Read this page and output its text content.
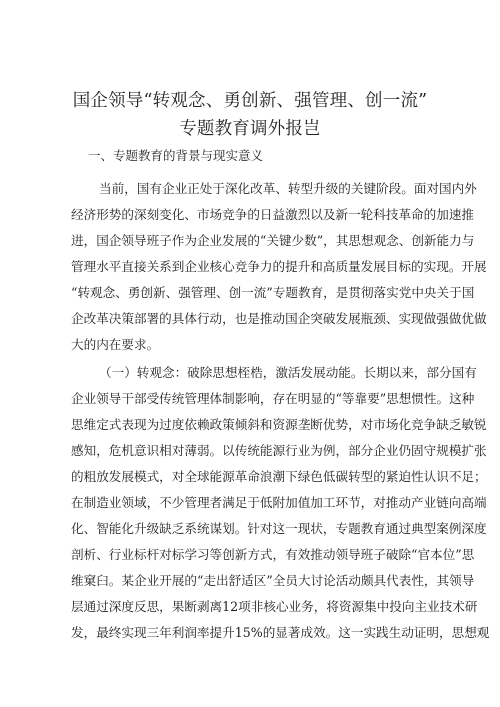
国企领导“转观念、勇创新、强管理、创一流”
专题教育调外报岂
一、专题教育的背景与现实意义
当前，国有企业正处于深化改革、转型升级的关键阶段。面对国内外
经济形势的深刻变化、市场竞争的日益激烈以及新一轮科技革命的加速推
进，国企领导班子作为企业发展的“关键少数”，其思想观念、创新能力与
管理水平直接关系到企业核心竞争力的提升和高质量发展目标的实现。开展
“转观念、勇创新、强管理、创一流”专题教育，是贯彻落实党中央关于国
企改革决策部署的具体行动，也是推动国企突破发展瓶颈、实现做强做优做
大的内在要求。
（一）转观念：破除思想桎梏，激活发展动能。长期以来，部分国有
企业领导干部受传统管理体制影响，存在明显的“等靠要”思想惯性。这种
思维定式表现为过度依赖政策倾斜和资源垄断优势，对市场化竞争缺乏敏锐
感知，危机意识相对薄弱。以传统能源行业为例，部分企业仍固守规模扩张
的粗放发展模式，对全球能源革命浪潮下绿色低碳转型的紧迫性认识不足；
在制造业领域，不少管理者满足于低附加值加工环节，对推动产业链向高端
化、智能化升级缺乏系统谋划。针对这一现状，专题教育通过典型案例深度
剖析、行业标杆对标学习等创新方式，有效推动领导班子破除“官本位”思
维窠臼。某企业开展的“走出舒适区”全员大讨论活动颇具代表性，其领导
层通过深度反思，果断剥离12项非核心业务，将资源集中投向主业技术研
发，最终实现三年利润率提升15%的显著成效。这一实践生动证明，思想观
